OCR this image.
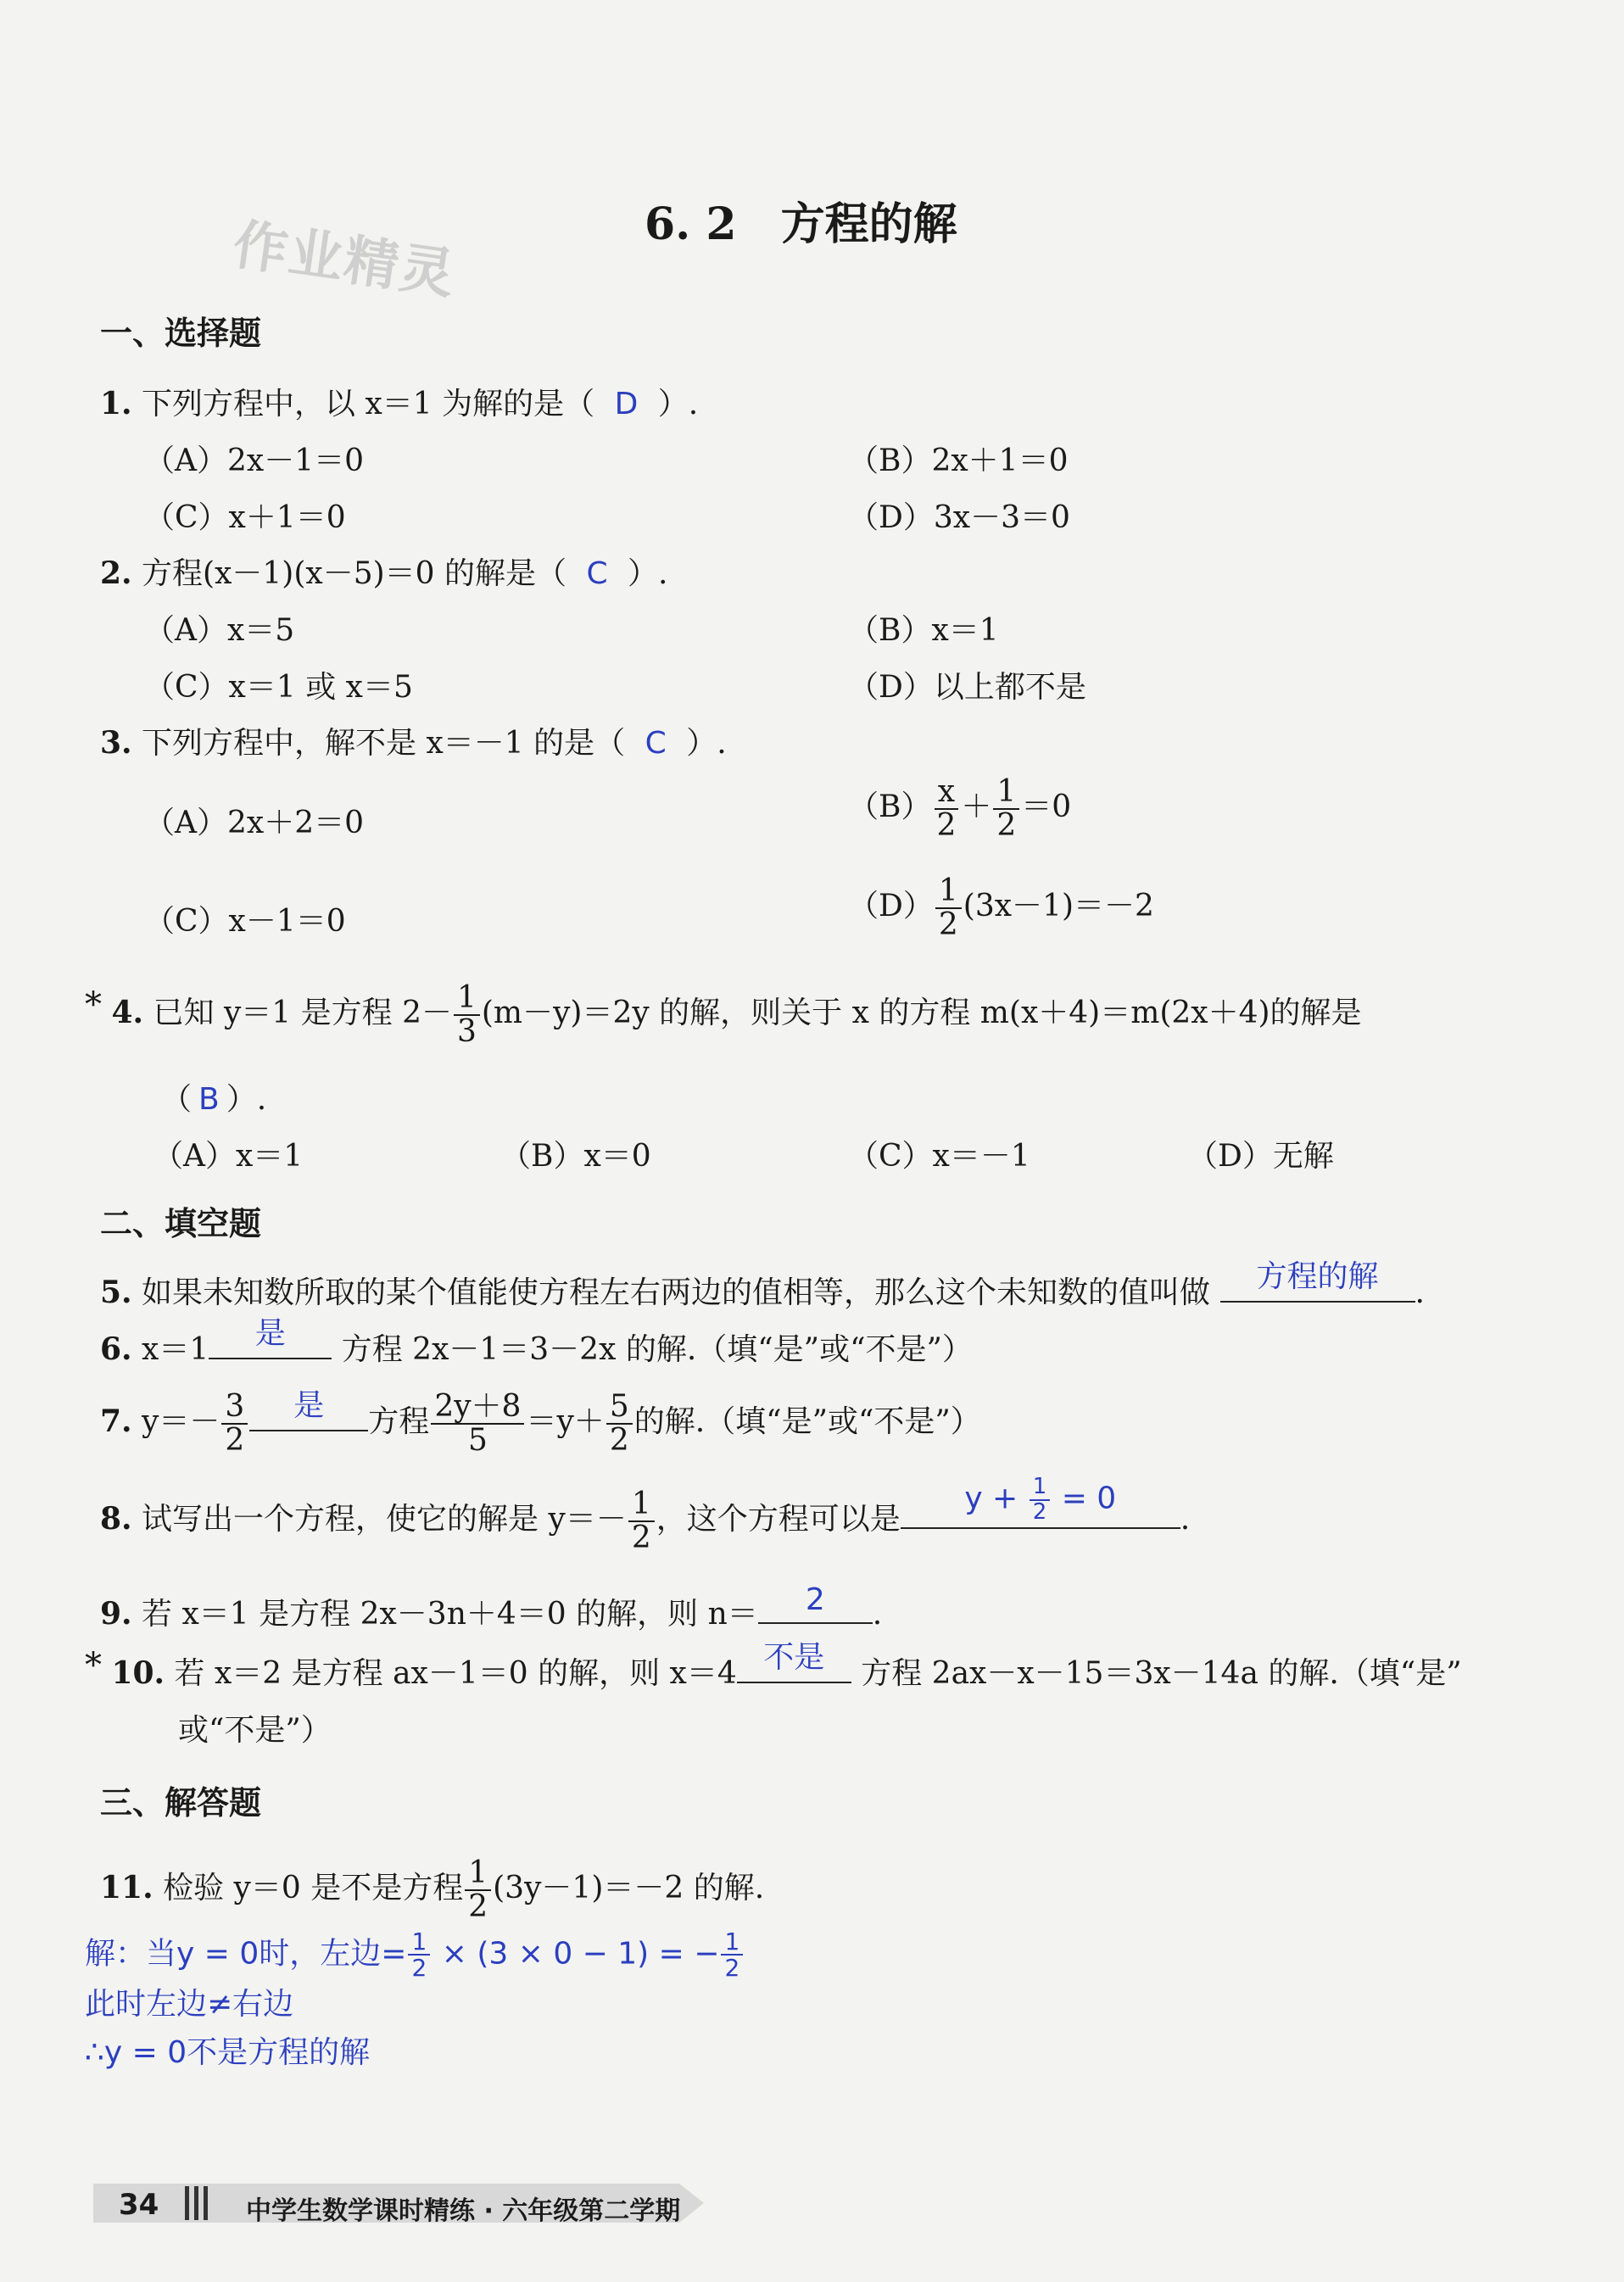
作业精灵	6. 2　方程的解
一、选择题
1. 下列方程中，以 x＝1 为解的是（ D ）.
（A）2x－1＝0	（B）2x＋1＝0
（C）x＋1＝0	（D）3x－3＝0
2. 方程(x－1)(x－5)＝0 的解是（ C ）.
（A）x＝5	（B）x＝1
（C）x＝1 或 x＝5	（D）以上都不是
3. 下列方程中，解不是 x＝－1 的是（ C ）.
（A）2x＋2＝0	$(B) \frac{x}{2} + \frac{1}{2} =0$
（C）x－1＝0	$(D) \frac{1}{2} (3x-1)=-2$
* 4. 已知 y＝1 是方程 $2- \frac{1}{3} (m-y)=2y$ 的解，则关于 x 的方程 m(x＋4)＝m(2x＋4)的解是
（ B ）.
（A）x＝1	（B）x＝0	（C）x＝－1	（D）无解
二、填空题
5. 如果未知数所取的某个值能使方程左右两边的值相等，那么这个未知数的值叫做	方程的解	.
6. x＝1	是	方程 2x－1＝3－2x 的解.（填“是”或“不是”）
7. $y=- \frac{3}{2}$	是	方程 $\frac{2y+8}{5} =y+ \frac{5}{2}$ 的解.（填“是”或“不是”）
8. 试写出一个方程，使它的解是 $y=- \frac{1}{2}$ ，这个方程可以是
$y + \frac{1}{2} = 0$
.
9. 若 x＝1 是方程 2x－3n＋4＝0 的解，则 n＝	2	.
* 10. 若 x＝2 是方程 ax－1＝0 的解，则 x＝4 不是	方程 2ax－x－15＝3x－14a 的解.（填“是”
或“不是”）
三、解答题
11. 检验 y＝0 是不是方程 $\frac{1}{2} (3y-1)=-2$ 的解.
解：当y = 0时，左边= $\frac{1}{2} \times (3 \times 0 - 1)$ = − $\frac{1}{2}$
此时左边≠右边
∴y = 0不是方程的解
34	中学生数学课时精练 · 六年级第二学期
